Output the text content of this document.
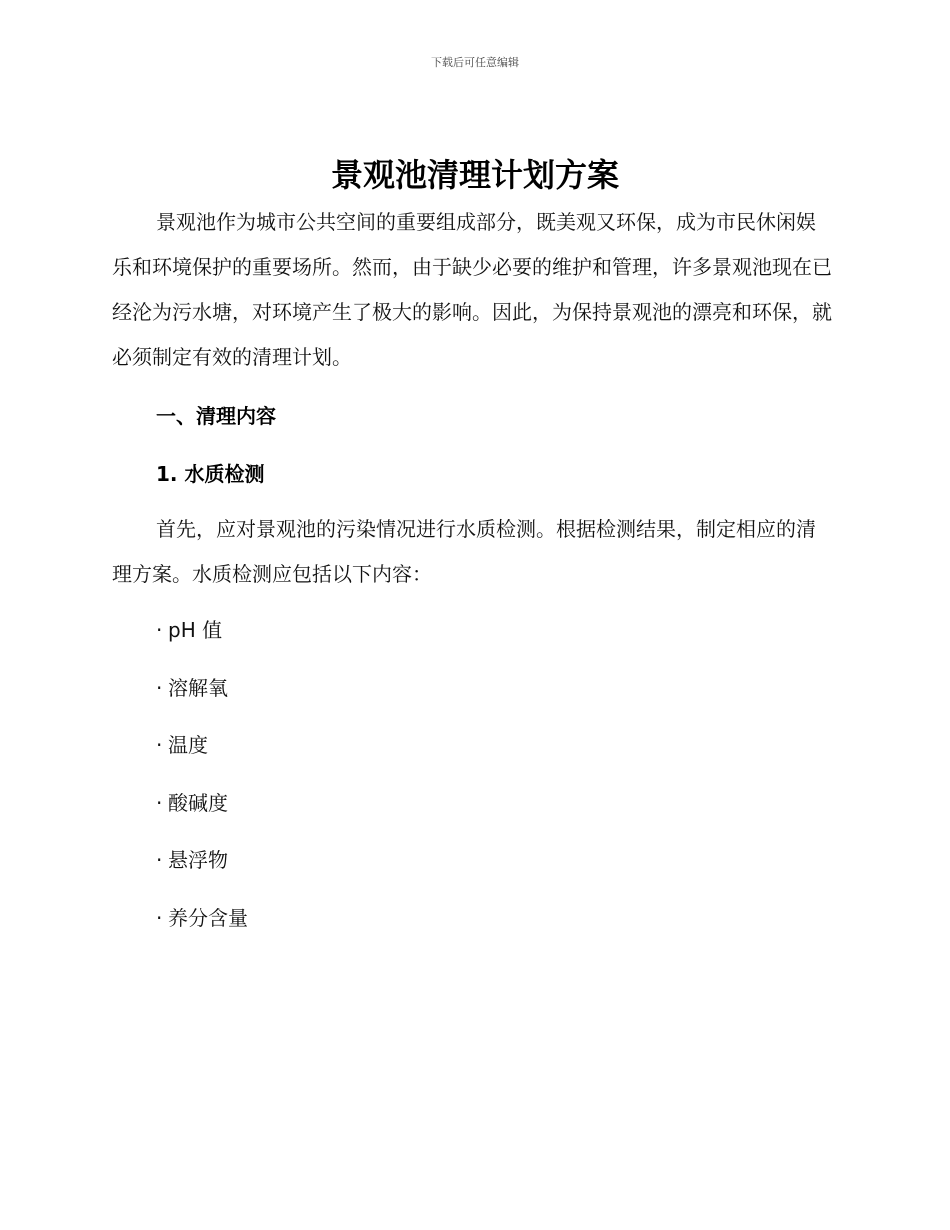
下载后可任意编辑
景观池清理计划方案

景观池作为城市公共空间的重要组成部分，既美观又环保，成为市民休闲娱乐和环境保护的重要场所。然而，由于缺少必要的维护和管理，许多景观池现在已经沦为污水塘，对环境产生了极大的影响。因此，为保持景观池的漂亮和环保，就必须制定有效的清理计划。

一、清理内容
1. 水质检测

首先，应对景观池的污染情况进行水质检测。根据检测结果，制定相应的清理方案。水质检测应包括以下内容：

· pH 值
· 溶解氧
· 温度
· 酸碱度
· 悬浮物
· 养分含量
